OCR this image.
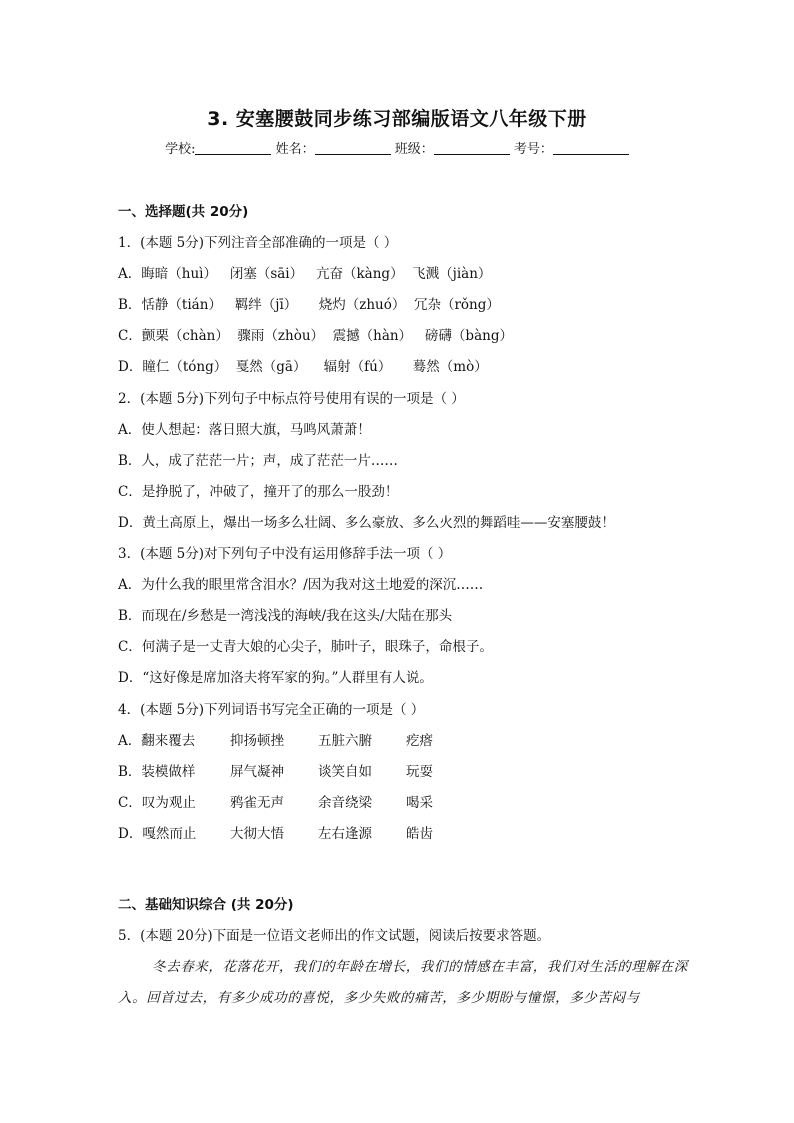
3. 安塞腰鼓同步练习部编版语文八年级下册
学校:	姓名：	班级：	考号：
一、选择题(共 20分)
1．(本题 5分)下列注音全部准确的一项是（ ）
A．晦暗（huì）   闭塞（sāi）   亢奋（kàng）  飞溅（jiàn）
B．恬静（tián）   羁绊（jī）     烧灼（zhuó）  冗杂（rǒng）
C．颤栗（chàn）  骤雨（zhòu）  震撼（hàn）   磅礴（bàng）
D．瞳仁（tóng）  戛然（gā）    辐射（fú）     蓦然（mò）
2．(本题 5分)下列句子中标点符号使用有误的一项是（ ）
A．使人想起：落日照大旗，马鸣风萧萧！
B．人，成了茫茫一片；声，成了茫茫一片……
C．是挣脱了，冲破了，撞开了的那么一股劲！
D．黄土高原上，爆出一场多么壮阔、多么豪放、多么火烈的舞蹈哇——安塞腰鼓！
3．(本题 5分)对下列句子中没有运用修辞手法一项（ ）
A．为什么我的眼里常含泪水？/因为我对这土地爱的深沉……
B．而现在/乡愁是一湾浅浅的海峡/我在这头/大陆在那头
C．何满子是一丈青大娘的心尖子，肺叶子，眼珠子，命根子。
D．“这好像是席加洛夫将军家的狗。”人群里有人说。
4．(本题 5分)下列词语书写完全正确的一项是（ ）
A．翻来覆去	抑扬顿挫	五脏六腑	疙瘩
B．装模做样	屏气凝神	谈笑自如	玩耍
C．叹为观止	鸦雀无声	余音绕梁	喝采
D．嘎然而止 大彻大悟	左右逢源	皓齿
二、基础知识综合 (共 20分)
5．(本题 20分)下面是一位语文老师出的作文试题，阅读后按要求答题。
冬去春来，花落花开，我们的年龄在增长，我们的情感在丰富，我们对生活的理解在深
入。回首过去，有多少成功的喜悦，多少失败的痛苦，多少期盼与憧憬，多少苦闷与
